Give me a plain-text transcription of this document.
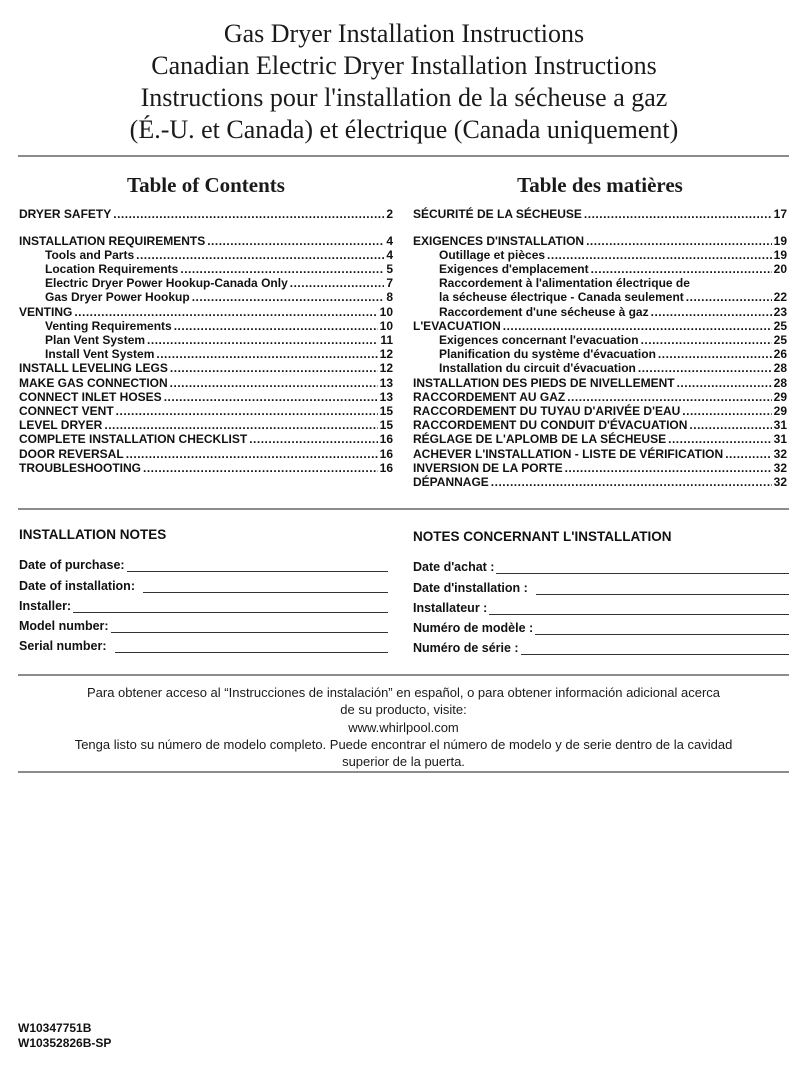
Gas Dryer Installation Instructions
Canadian Electric Dryer Installation Instructions
Instructions pour l'installation de la sécheuse a gaz
(É.-U. et Canada) et électrique (Canada uniquement)
Table of Contents
DRYER SAFETY .....	2
INSTALLATION REQUIREMENTS .....	4
Tools and Parts .....	4
Location Requirements .....	5
Electric Dryer Power Hookup-Canada Only .....	7
Gas Dryer Power Hookup .....	8
VENTING .....	10
Venting Requirements .....	10
Plan Vent System .....	11
Install Vent System .....	12
INSTALL LEVELING LEGS .....	12
MAKE GAS CONNECTION .....	13
CONNECT INLET HOSES .....	13
CONNECT VENT .....	15
LEVEL DRYER .....	15
COMPLETE INSTALLATION CHECKLIST .....	16
DOOR REVERSAL .....	16
TROUBLESHOOTING .....	16
Table des matières
SÉCURITÉ DE LA SÉCHEUSE .....	17
EXIGENCES D'INSTALLATION .....	19
Outillage et pièces .....	19
Exigences d'emplacement .....	20
Raccordement à l'alimentation électrique de
la sécheuse électrique - Canada seulement .....	22
Raccordement d'une sécheuse à gaz .....	23
L'EVACUATION .....	25
Exigences concernant l'evacuation .....	25
Planification du système d'évacuation .....	26
Installation du circuit d'évacuation .....	28
INSTALLATION DES PIEDS DE NIVELLEMENT .....	28
RACCORDEMENT AU GAZ .....	29
RACCORDEMENT DU TUYAU D'ARIVÉE D'EAU .....	29
RACCORDEMENT DU CONDUIT D'ÉVACUATION .....	31
RÉGLAGE DE L'APLOMB DE LA SÉCHEUSE .....	31
ACHEVER L'INSTALLATION - LISTE DE VÉRIFICATION .....	32
INVERSION DE LA PORTE .....	32
DÉPANNAGE .....	32
INSTALLATION NOTES
Date of purchase:
Date of installation:
Installer:
Model number:
Serial number:
NOTES CONCERNANT L'INSTALLATION
Date d'achat :
Date d'installation :
Installateur :
Numéro de modèle :
Numéro de série :
Para obtener acceso al “Instrucciones de instalación” en español, o para obtener información adicional acerca
de su producto, visite:
www.whirlpool.com
Tenga listo su número de modelo completo. Puede encontrar el número de modelo y de serie dentro de la cavidad
superior de la puerta.
W10347751B
W10352826B-SP
